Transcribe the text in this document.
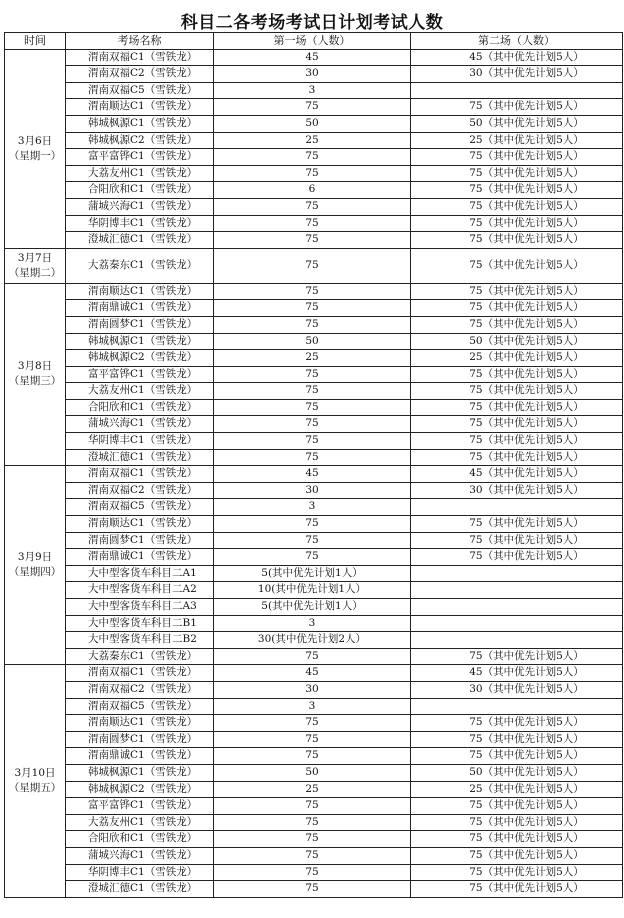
科目二各考场考试日计划考试人数
时间	考场名称	第一场（人数）	第二场（人数）

3月6日
（星期一）	渭南双福C1（雪铁龙）	45	45（其中优先计划5人）
	渭南双福C2（雪铁龙）	30	30（其中优先计划5人）
	渭南双福C5（雪铁龙）	3	
	渭南顺达C1（雪铁龙）	75	75（其中优先计划5人）
	韩城枫源C1（雪铁龙）	50	50（其中优先计划5人）
	韩城枫源C2（雪铁龙）	25	25（其中优先计划5人）
	富平富铧C1（雪铁龙）	75	75（其中优先计划5人）
	大荔友州C1（雪铁龙）	75	75（其中优先计划5人）
	合阳欣和C1（雪铁龙）	6	75（其中优先计划5人）
	蒲城兴海C1（雪铁龙）	75	75（其中优先计划5人）
	华阴博丰C1（雪铁龙）	75	75（其中优先计划5人）
	澄城汇德C1（雪铁龙）	75	75（其中优先计划5人）

3月7日
（星期二）	大荔秦东C1（雪铁龙）	75	75（其中优先计划5人）

3月8日
（星期三）	渭南顺达C1（雪铁龙）	75	75（其中优先计划5人）
	渭南鼎诚C1（雪铁龙）	75	75（其中优先计划5人）
	渭南圆梦C1（雪铁龙）	75	75（其中优先计划5人）
	韩城枫源C1（雪铁龙）	50	50（其中优先计划5人）
	韩城枫源C2（雪铁龙）	25	25（其中优先计划5人）
	富平富铧C1（雪铁龙）	75	75（其中优先计划5人）
	大荔友州C1（雪铁龙）	75	75（其中优先计划5人）
	合阳欣和C1（雪铁龙）	75	75（其中优先计划5人）
	蒲城兴海C1（雪铁龙）	75	75（其中优先计划5人）
	华阴博丰C1（雪铁龙）	75	75（其中优先计划5人）
	澄城汇德C1（雪铁龙）	75	75（其中优先计划5人）

3月9日
（星期四）	渭南双福C1（雪铁龙）	45	45（其中优先计划5人）
	渭南双福C2（雪铁龙）	30	30（其中优先计划5人）
	渭南双福C5（雪铁龙）	3	
	渭南顺达C1（雪铁龙）	75	75（其中优先计划5人）
	渭南圆梦C1（雪铁龙）	75	75（其中优先计划5人）
	渭南鼎诚C1（雪铁龙）	75	75（其中优先计划5人）
	大中型客货车科目二A1	5(其中优先计划1人）	
	大中型客货车科目二A2	10(其中优先计划1人）	
	大中型客货车科目二A3	5(其中优先计划1人）	
	大中型客货车科目二B1	3	
	大中型客货车科目二B2	30(其中优先计划2人）	
	大荔秦东C1（雪铁龙）	75	75（其中优先计划5人）

3月10日
（星期五）	渭南双福C1（雪铁龙）	45	45（其中优先计划5人）
	渭南双福C2（雪铁龙）	30	30（其中优先计划5人）
	渭南双福C5（雪铁龙）	3	
	渭南顺达C1（雪铁龙）	75	75（其中优先计划5人）
	渭南圆梦C1（雪铁龙）	75	75（其中优先计划5人）
	渭南鼎诚C1（雪铁龙）	75	75（其中优先计划5人）
	韩城枫源C1（雪铁龙）	50	50（其中优先计划5人）
	韩城枫源C2（雪铁龙）	25	25（其中优先计划5人）
	富平富铧C1（雪铁龙）	75	75（其中优先计划5人）
	大荔友州C1（雪铁龙）	75	75（其中优先计划5人）
	合阳欣和C1（雪铁龙）	75	75（其中优先计划5人）
	蒲城兴海C1（雪铁龙）	75	75（其中优先计划5人）
	华阴博丰C1（雪铁龙）	75	75（其中优先计划5人）
	澄城汇德C1（雪铁龙）	75	75（其中优先计划5人）
